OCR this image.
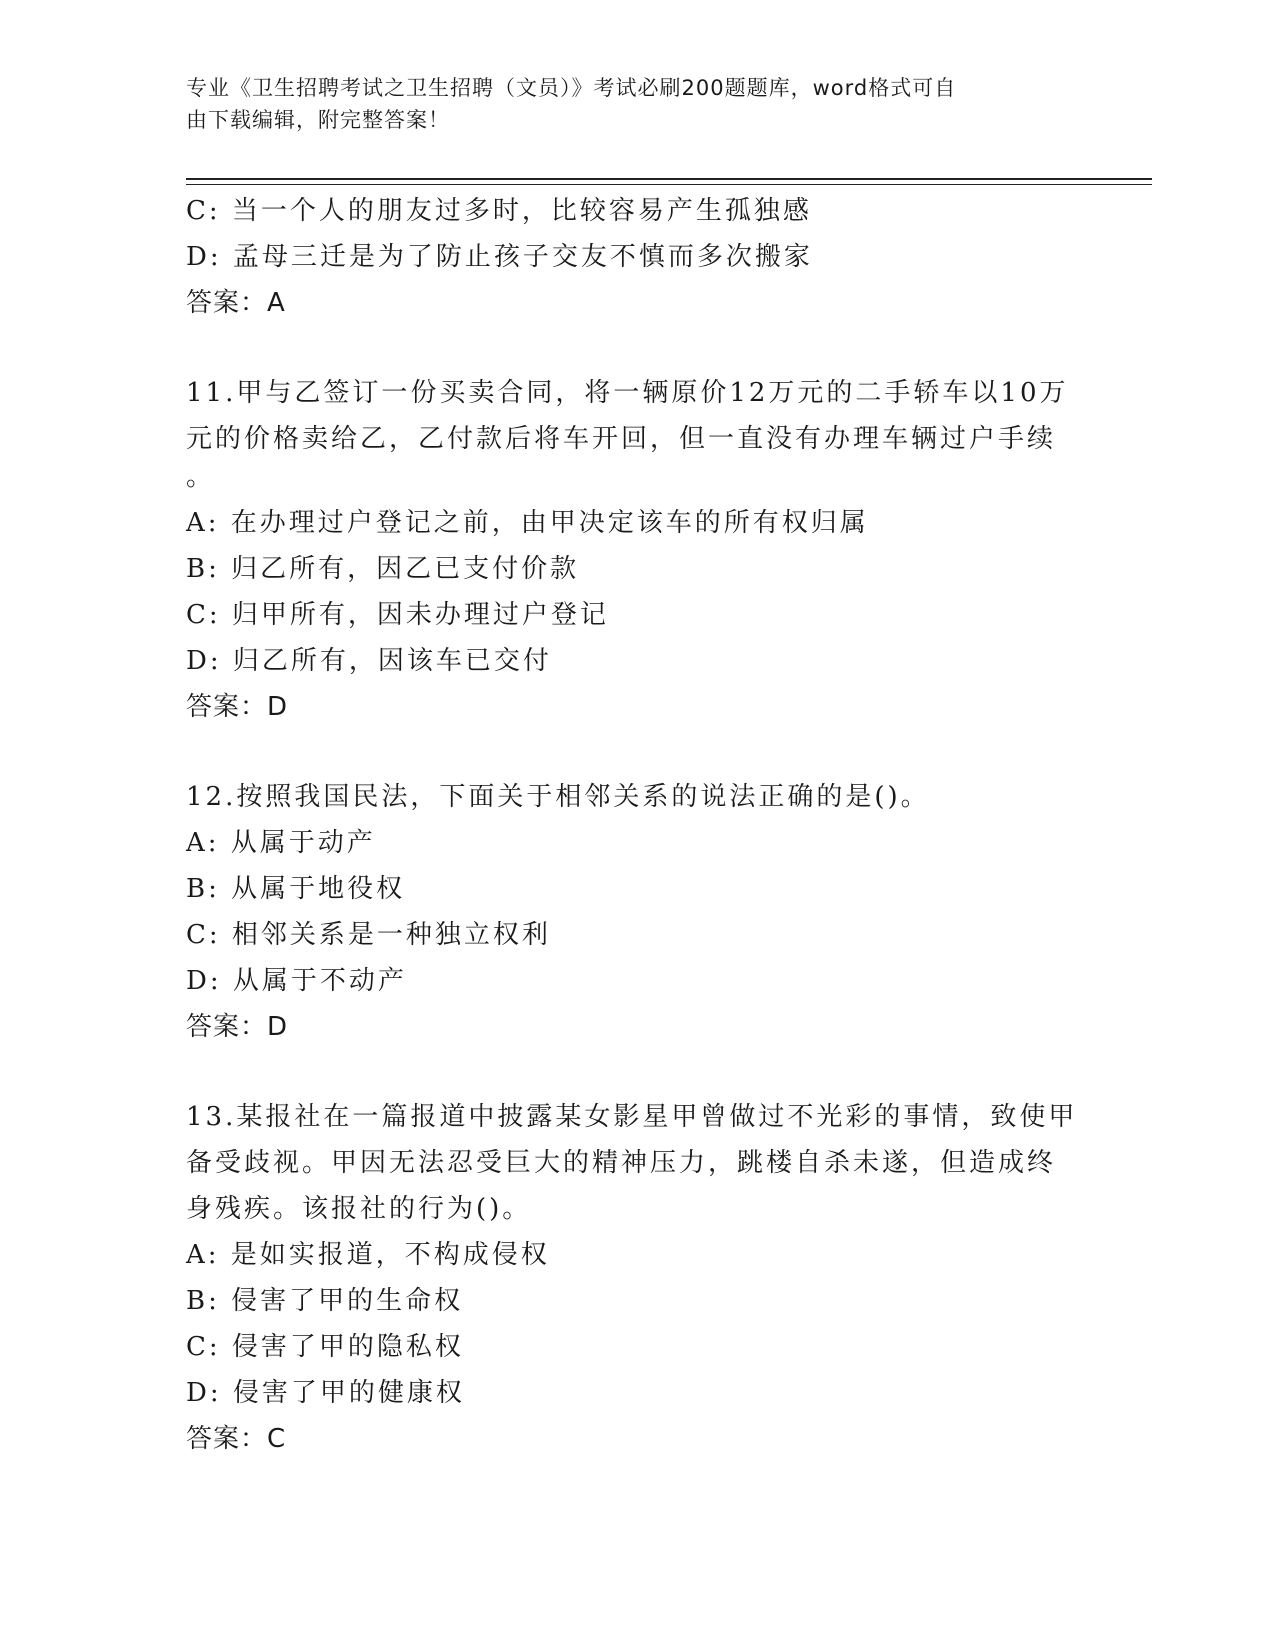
专业《卫生招聘考试之卫生招聘（文员）》考试必刷200题题库，word格式可自
由下载编辑，附完整答案！
C: 当一个人的朋友过多时，比较容易产生孤独感
D: 孟母三迁是为了防止孩子交友不慎而多次搬家
答案：A
11.甲与乙签订一份买卖合同，将一辆原价12万元的二手轿车以10万
元的价格卖给乙，乙付款后将车开回，但一直没有办理车辆过户手续
。
A: 在办理过户登记之前，由甲决定该车的所有权归属
B: 归乙所有，因乙已支付价款
C: 归甲所有，因未办理过户登记
D: 归乙所有，因该车已交付
答案：D
12.按照我国民法，下面关于相邻关系的说法正确的是()。
A: 从属于动产
B: 从属于地役权
C: 相邻关系是一种独立权利
D: 从属于不动产
答案：D
13.某报社在一篇报道中披露某女影星甲曾做过不光彩的事情，致使甲
备受歧视。甲因无法忍受巨大的精神压力，跳楼自杀未遂，但造成终
身残疾。该报社的行为()。
A: 是如实报道，不构成侵权
B: 侵害了甲的生命权
C: 侵害了甲的隐私权
D: 侵害了甲的健康权
答案：C
